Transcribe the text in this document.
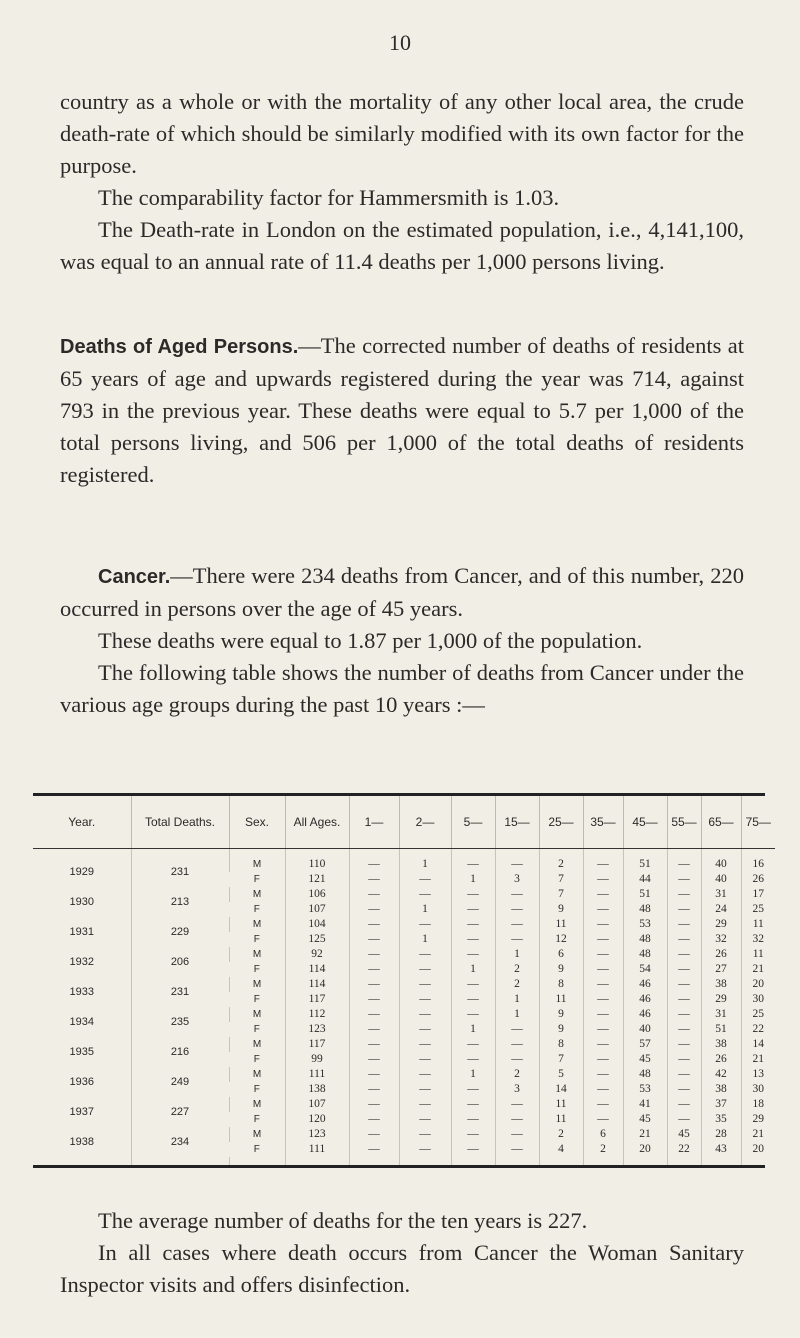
10

country as a whole or with the mortality of any other local area, the crude death-rate of which should be similarly modified with its own factor for the purpose.

The comparability factor for Hammersmith is 1.03.

The Death-rate in London on the estimated population, i.e., 4,141,100, was equal to an annual rate of 11.4 deaths per 1,000 persons living.

Deaths of Aged Persons.—The corrected number of deaths of residents at 65 years of age and upwards registered during the year was 714, against 793 in the previous year. These deaths were equal to 5.7 per 1,000 of the total persons living, and 506 per 1,000 of the total deaths of residents registered.

Cancer.—There were 234 deaths from Cancer, and of this number, 220 occurred in persons over the age of 45 years.

These deaths were equal to 1.87 per 1,000 of the population.

The following table shows the number of deaths from Cancer under the various age groups during the past 10 years :—

Year.	Total Deaths.	Sex.	All Ages.	1—	2—	5—	15—	25—	35—	45—	55—	65—	75—

1929	231	M	110	—	1	—	—	2	—	51	—	40	16
		F	121	—	—	1	3	7	—	44	—	40	26
1930	213	M	106	—	—	—	—	7	—	51	—	31	17
		F	107	—	1	—	—	9	—	48	—	24	25
1931	229	M	104	—	—	—	—	11	—	53	—	29	11
		F	125	—	1	—	—	12	—	48	—	32	32
1932	206	M	92	—	—	—	1	6	—	48	—	26	11
		F	114	—	—	1	2	9	—	54	—	27	21
1933	231	M	114	—	—	—	2	8	—	46	—	38	20
		F	117	—	—	—	1	11	—	46	—	29	30
1934	235	M	112	—	—	—	1	9	—	46	—	31	25
		F	123	—	—	1	—	9	—	40	—	51	22
1935	216	M	117	—	—	—	—	8	—	57	—	38	14
		F	99	—	—	—	—	7	—	45	—	26	21
1936	249	M	111	—	—	1	2	5	—	48	—	42	13
		F	138	—	—	—	3	14	—	53	—	38	30
1937	227	M	107	—	—	—	—	11	—	41	—	37	18
		F	120	—	—	—	—	11	—	45	—	35	29
1938	234	M	123	—	—	—	—	2	6	21	45	28	21
		F	111	—	—	—	—	4	2	20	22	43	20

The average number of deaths for the ten years is 227.

In all cases where death occurs from Cancer the Woman Sanitary Inspector visits and offers disinfection.
